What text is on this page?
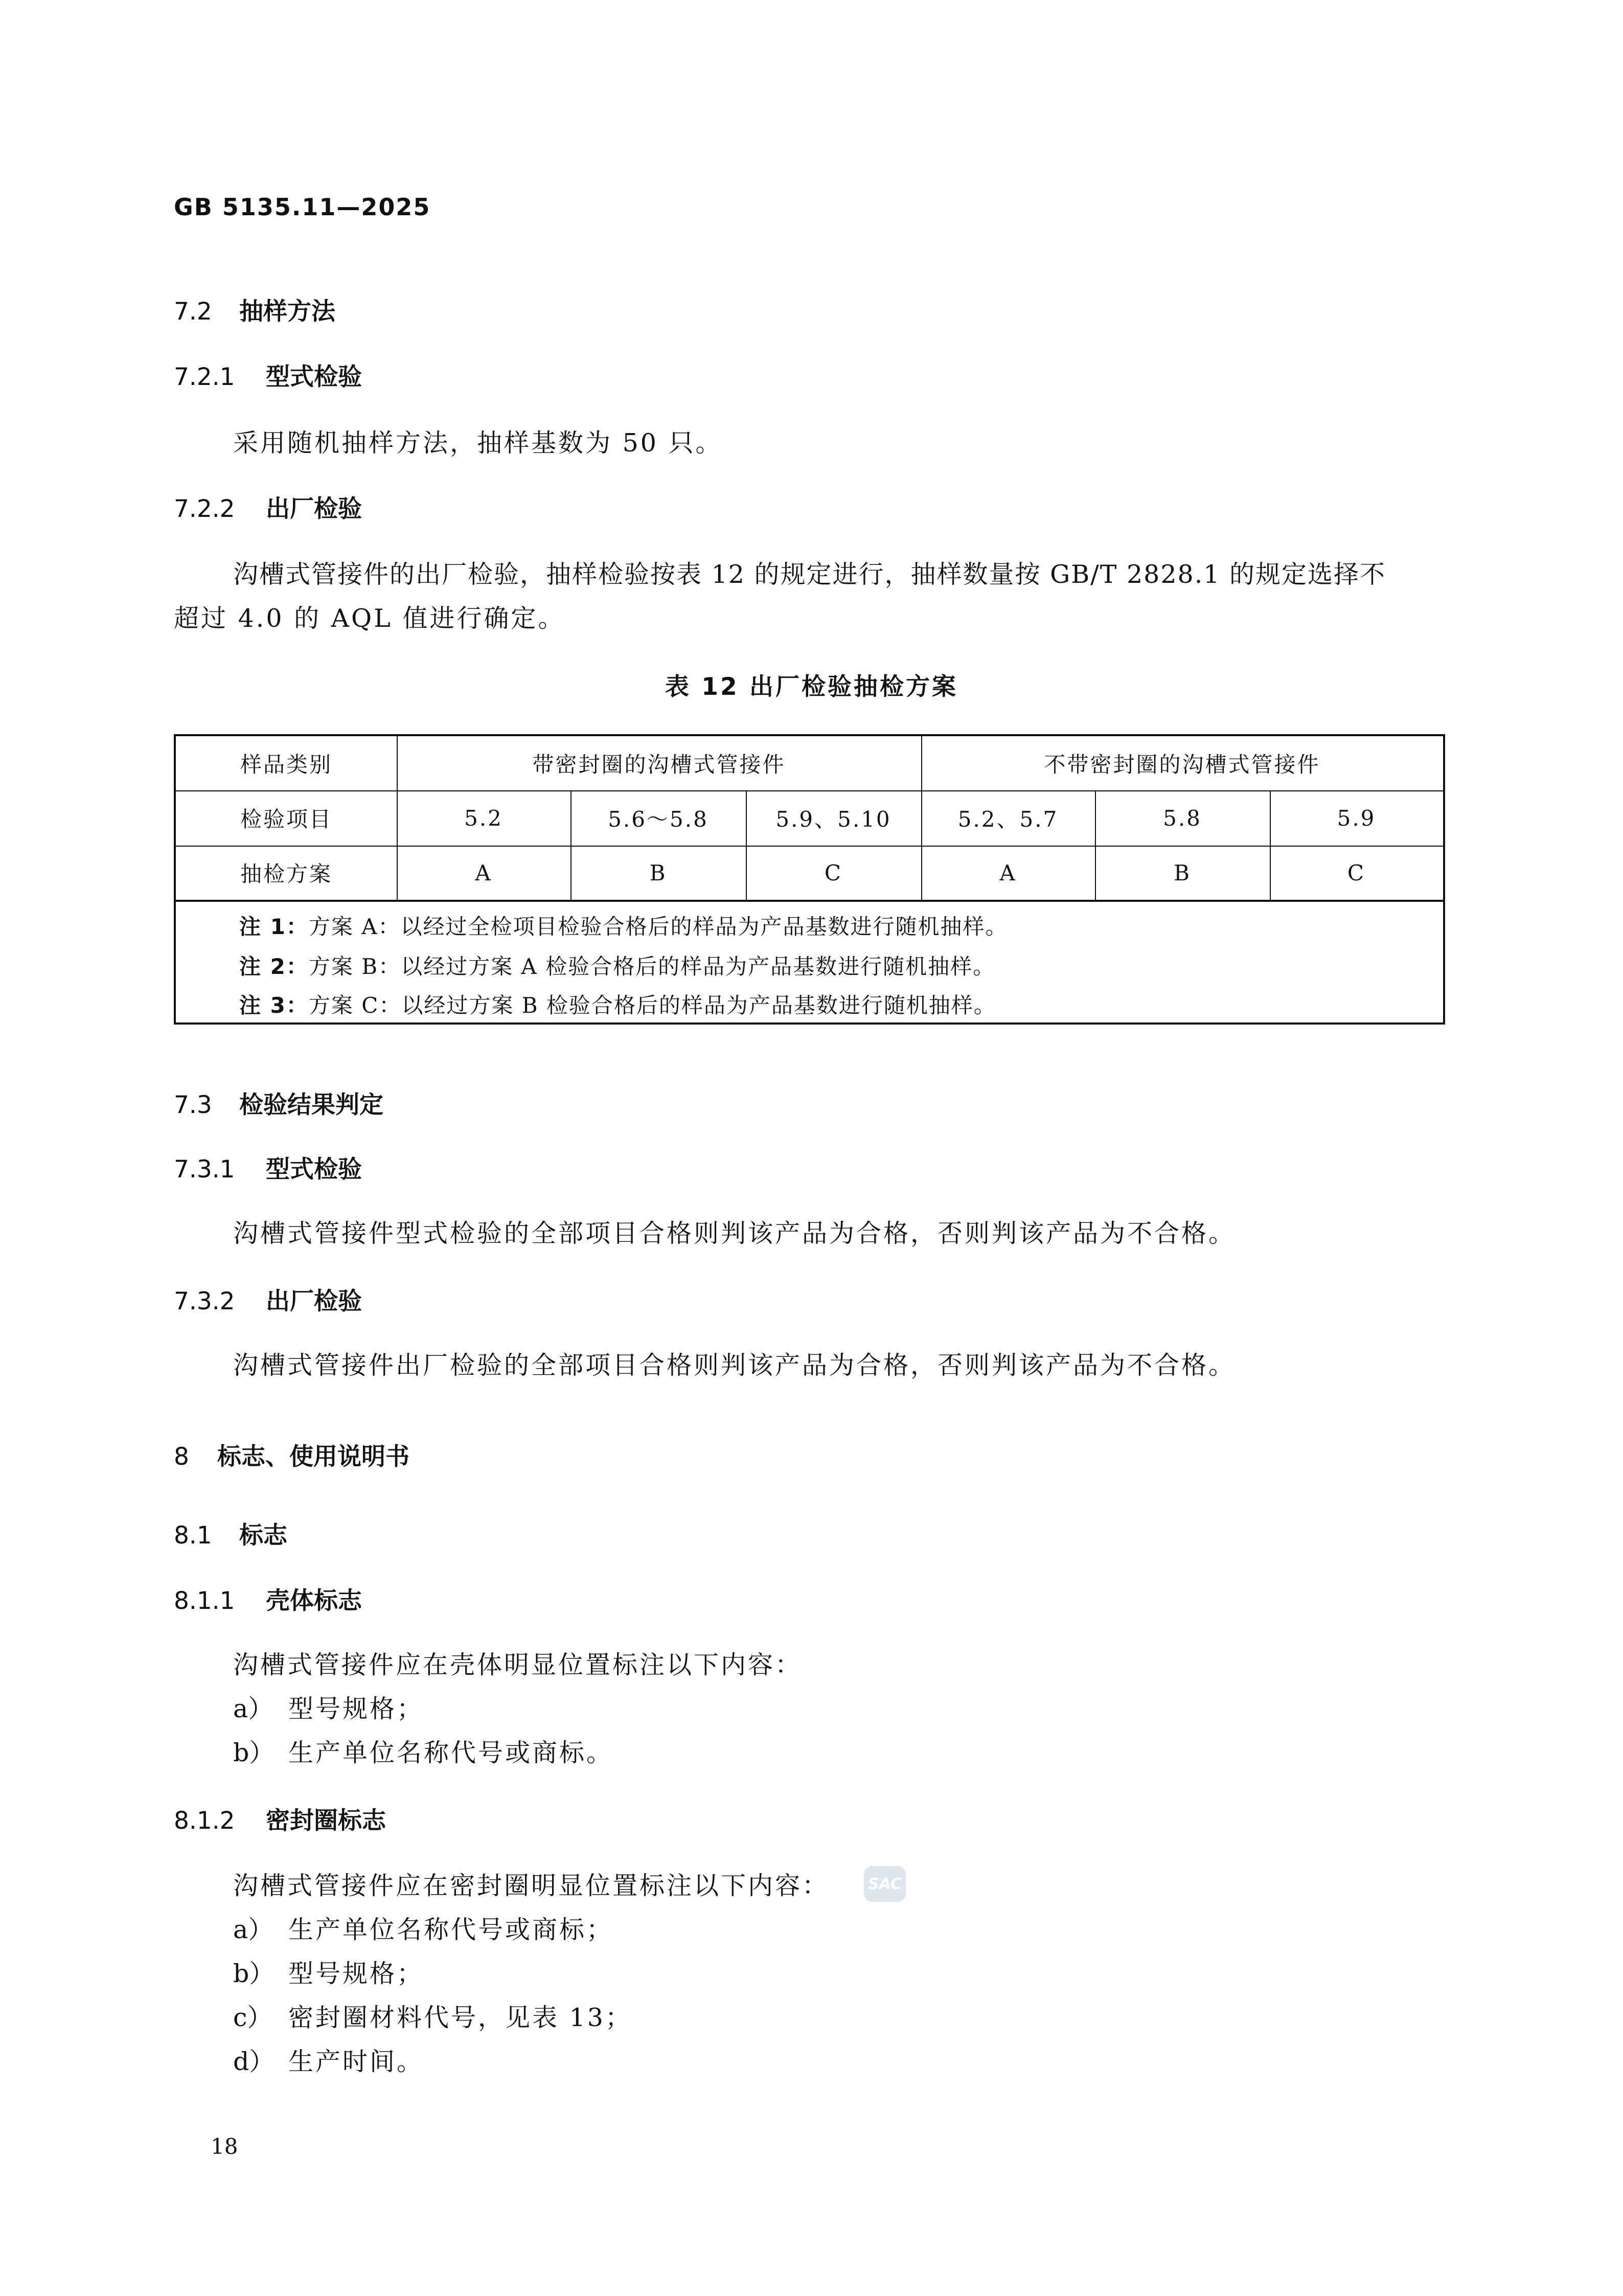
GB 5135.11—2025
7.2 抽样方法
7.2.1 型式检验
采用随机抽样方法，抽样基数为 50 只。
7.2.2 出厂检验
沟槽式管接件的出厂检验，抽样检验按表 12 的规定进行，抽样数量按 GB/T 2828.1 的规定选择不
超过 4.0 的 AQL 值进行确定。
表 12 出厂检验抽检方案
样品类别	带密封圈的沟槽式管接件	不带密封圈的沟槽式管接件
检验项目	5.2	5.6～5.8	5.9、5.10	5.2、5.7	5.8	5.9
抽检方案	A	B	C	A	B	C
注 1：方案 A：以经过全检项目检验合格后的样品为产品基数进行随机抽样。
注 2：方案 B：以经过方案 A 检验合格后的样品为产品基数进行随机抽样。
注 3：方案 C：以经过方案 B 检验合格后的样品为产品基数进行随机抽样。
7.3 检验结果判定
7.3.1 型式检验
沟槽式管接件型式检验的全部项目合格则判该产品为合格，否则判该产品为不合格。
7.3.2 出厂检验
沟槽式管接件出厂检验的全部项目合格则判该产品为合格，否则判该产品为不合格。
8 标志、使用说明书
8.1 标志
8.1.1 壳体标志
沟槽式管接件应在壳体明显位置标注以下内容：
a） 型号规格；
b） 生产单位名称代号或商标。
8.1.2 密封圈标志
沟槽式管接件应在密封圈明显位置标注以下内容：	SAC
a） 生产单位名称代号或商标；
b） 型号规格；
c） 密封圈材料代号，见表 13；
d） 生产时间。
18
